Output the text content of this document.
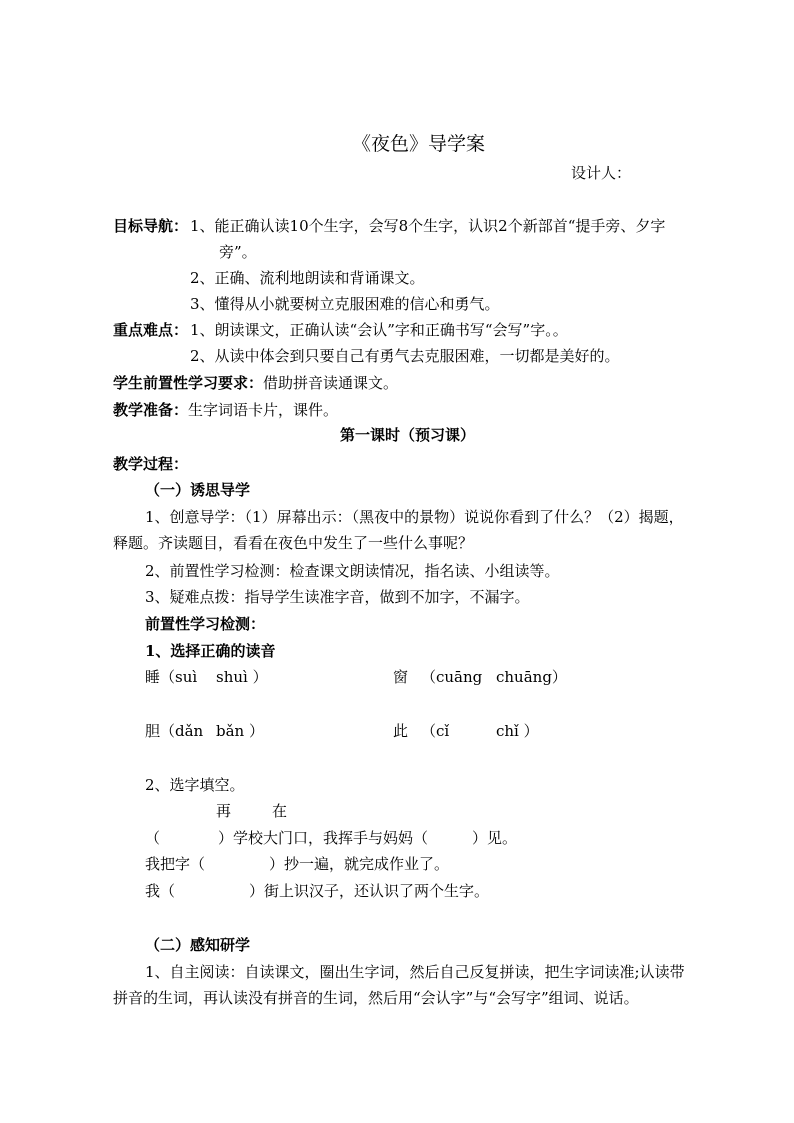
《夜色》导学案
设计人：
目标导航： 1、能正确认读10个生字，会写8个生字，认识2个新部首“提手旁、夕字
旁”。
2、正确、流利地朗读和背诵课文。
3、懂得从小就要树立克服困难的信心和勇气。
重点难点： 1、朗读课文，正确认读“会认”字和正确书写“会写”字。。
2、从读中体会到只要自己有勇气去克服困难，一切都是美好的。
学生前置性学习要求：借助拼音读通课文。
教学准备：生字词语卡片，课件。
第一课时（预习课）
教学过程：
（一）诱思导学
1、创意导学：（1）屏幕出示：（黑夜中的景物）说说你看到了什么？（2）揭题，
释题。齐读题目，看看在夜色中发生了一些什么事呢？
2、前置性学习检测：检查课文朗读情况，指名读、小组读等。
3、疑难点拨：指导学生读准字音，做到不加字，不漏字。
前置性学习检测：
1、选择正确的读音
睡（suì shuì ）	窗 （cuāng chuāng）
胆（dǎn bǎn ）	此 （cǐ	chǐ ）
2、选字填空。
再	在
（	）学校大门口，我挥手与妈妈（	）见。
我把字（	）抄一遍，就完成作业了。
我（	）街上识汉子，还认识了两个生字。
（二）感知研学
1、自主阅读：自读课文，圈出生字词，然后自己反复拼读，把生字词读准;认读带
拼音的生词，再认读没有拼音的生词，然后用“会认字”与“会写字”组词、说话。
